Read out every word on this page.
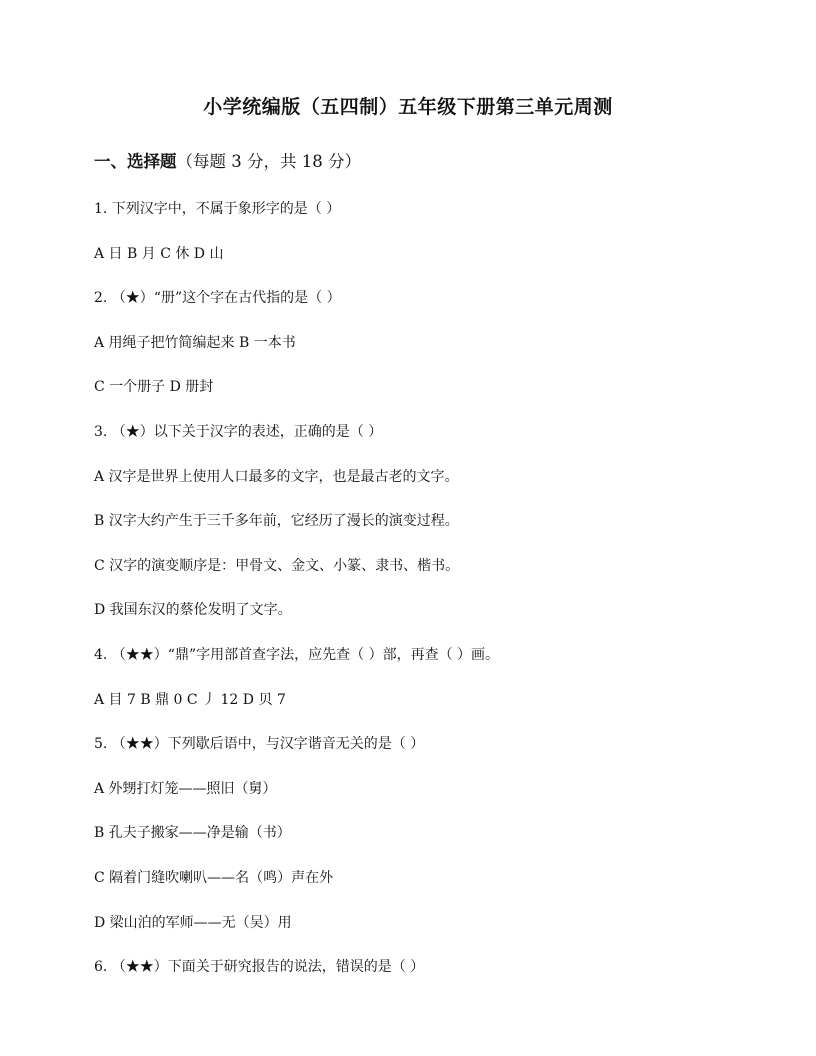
小学统编版（五四制）五年级下册第三单元周测
一、选择题（每题 3 分，共 18 分）
1. 下列汉字中，不属于象形字的是（ ）
A 日 B 月 C 休 D 山
2. （★）“册”这个字在古代指的是（ ）
A 用绳子把竹简编起来 B 一本书
C 一个册子 D 册封
3. （★）以下关于汉字的表述，正确的是（ ）
A 汉字是世界上使用人口最多的文字，也是最古老的文字。
B 汉字大约产生于三千多年前，它经历了漫长的演变过程。
C 汉字的演变顺序是：甲骨文、金文、小篆、隶书、楷书。
D 我国东汉的蔡伦发明了文字。
4. （★★）“鼎”字用部首查字法，应先查（ ）部，再查（ ）画。
A 目 7 B 鼎 0 C 丿 12 D 贝 7
5. （★★）下列歇后语中，与汉字谐音无关的是（ ）
A 外甥打灯笼——照旧（舅）
B 孔夫子搬家——净是输（书）
C 隔着门缝吹喇叭——名（鸣）声在外
D 梁山泊的军师——无（吴）用
6. （★★）下面关于研究报告的说法，错误的是（ ）
